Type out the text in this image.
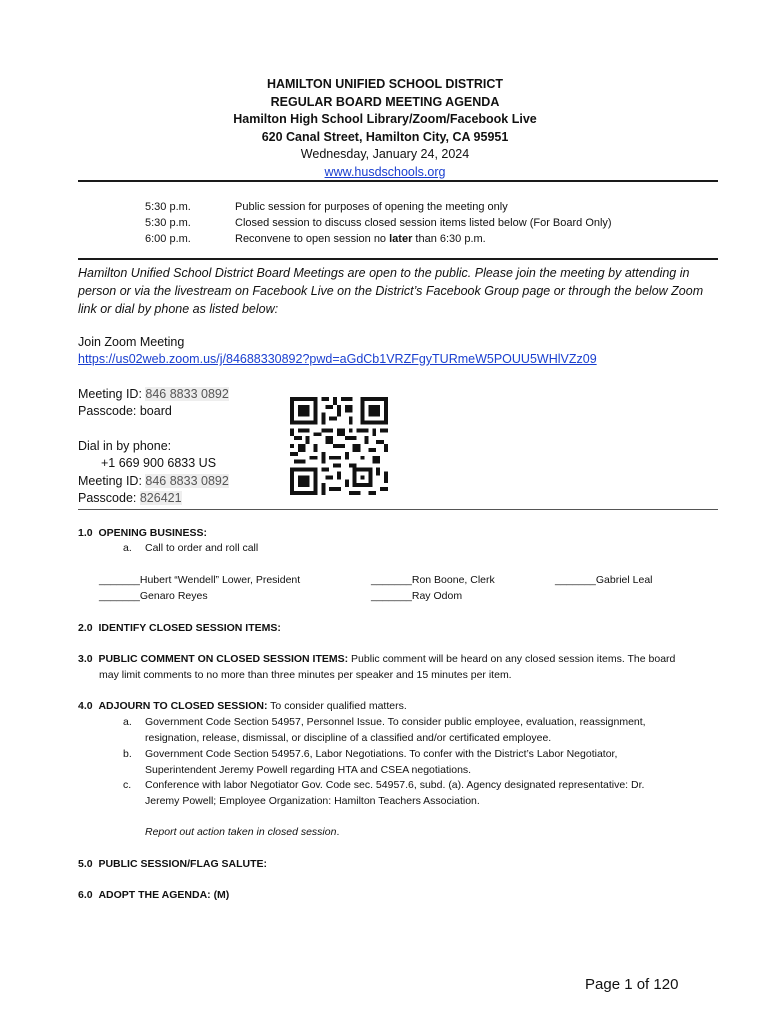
HAMILTON UNIFIED SCHOOL DISTRICT
REGULAR BOARD MEETING AGENDA
Hamilton High School Library/Zoom/Facebook Live
620 Canal Street, Hamilton City, CA 95951
Wednesday, January 24, 2024
www.husdschools.org
5:30 p.m.	Public session for purposes of opening the meeting only
5:30 p.m.	Closed session to discuss closed session items listed below (For Board Only)
6:00 p.m.	Reconvene to open session no later than 6:30 p.m.
Hamilton Unified School District Board Meetings are open to the public. Please join the meeting by attending in person or via the livestream on Facebook Live on the District’s Facebook Group page or through the below Zoom link or dial by phone as listed below:
Join Zoom Meeting
https://us02web.zoom.us/j/84688330892?pwd=aGdCb1VRZFgyTURmeW5POUU5WHlVZz09
Meeting ID: 846 8833 0892
Passcode: board
Dial in by phone:
+1 669 900 6833 US
Meeting ID: 846 8833 0892
Passcode: 826421
1.0 OPENING BUSINESS:
a. Call to order and roll call
_______Hubert “Wendell” Lower, President	_______Ron Boone, Clerk	_______Gabriel Leal
_______Genaro Reyes	_______Ray Odom
2.0 IDENTIFY CLOSED SESSION ITEMS:
3.0 PUBLIC COMMENT ON CLOSED SESSION ITEMS: Public comment will be heard on any closed session items. The board
may limit comments to no more than three minutes per speaker and 15 minutes per item.
4.0 ADJOURN TO CLOSED SESSION: To consider qualified matters.
a. Government Code Section 54957, Personnel Issue. To consider public employee, evaluation, reassignment,
resignation, release, dismissal, or discipline of a classified and/or certificated employee.
b. Government Code Section 54957.6, Labor Negotiations. To confer with the District’s Labor Negotiator,
Superintendent Jeremy Powell regarding HTA and CSEA negotiations.
c. Conference with labor Negotiator Gov. Code sec. 54957.6, subd. (a). Agency designated representative: Dr.
Jeremy Powell; Employee Organization: Hamilton Teachers Association.
Report out action taken in closed session.
5.0 PUBLIC SESSION/FLAG SALUTE:
6.0 ADOPT THE AGENDA: (M)
Page 1 of 120
